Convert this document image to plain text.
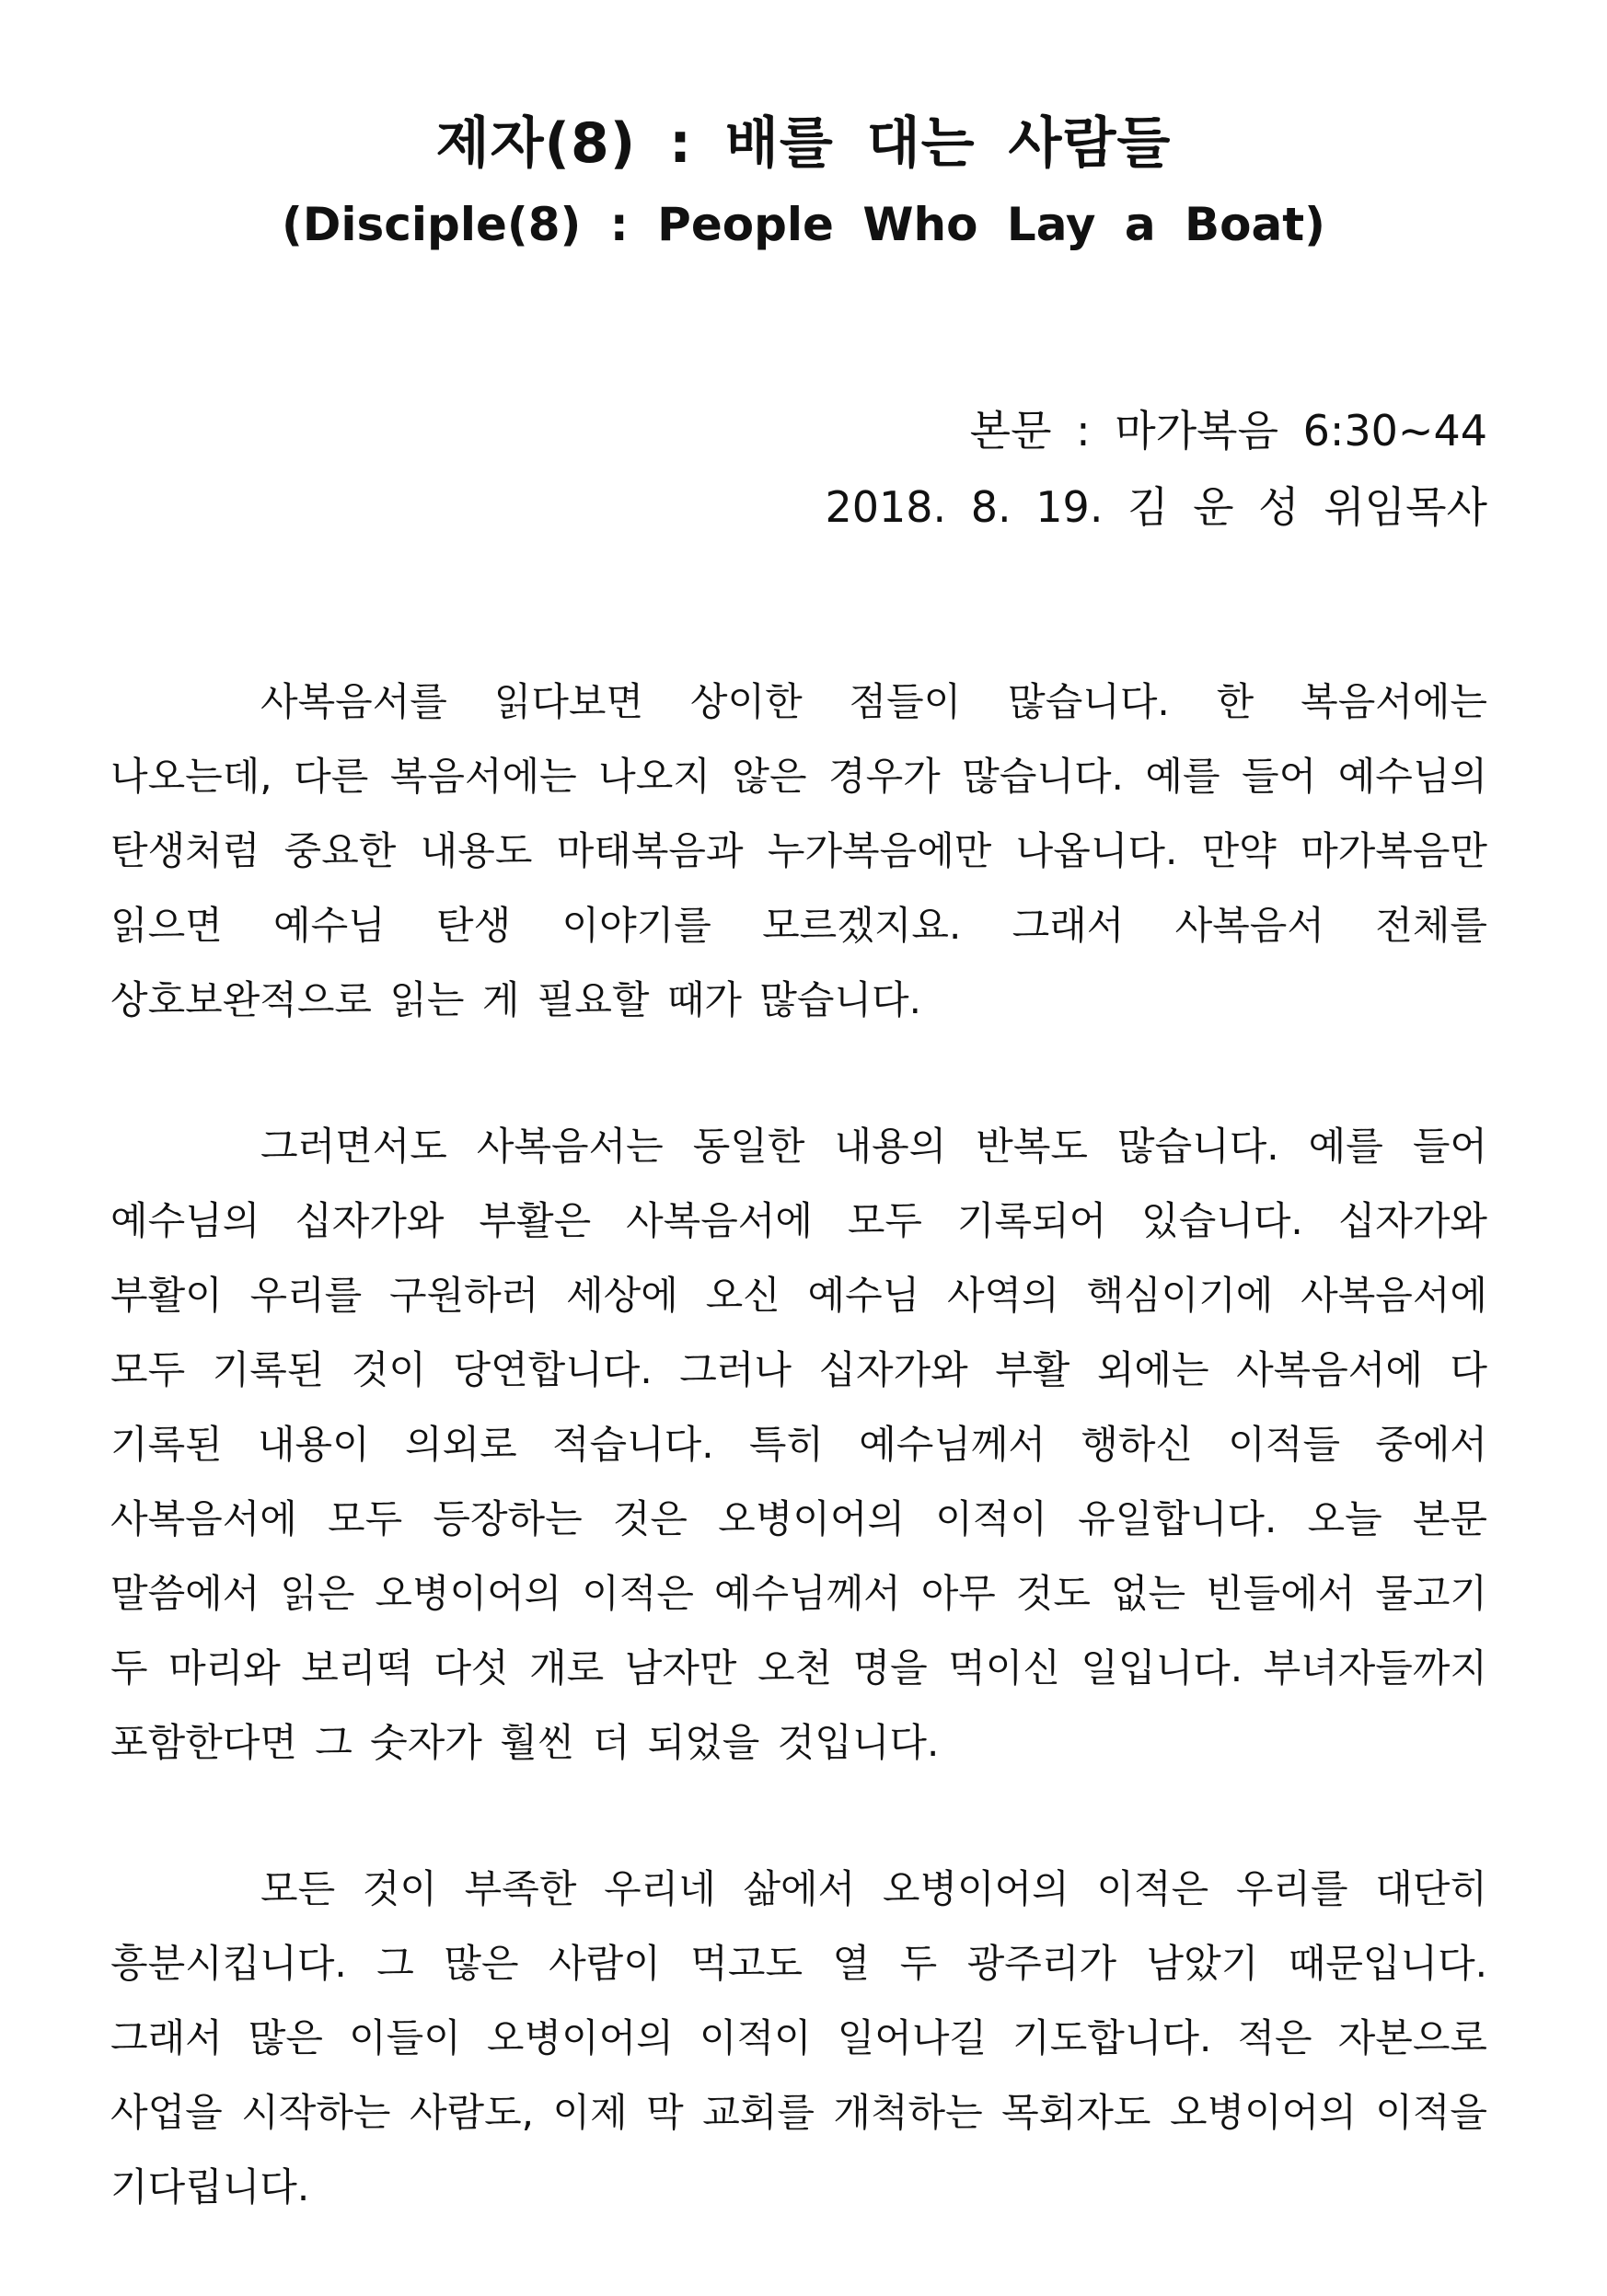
제자(8) : 배를 대는 사람들
(Disciple(8) : People Who Lay a Boat)
본문 : 마가복음 6:30~44
2018. 8. 19. 김 운 성 위임목사

사복음서를 읽다보면 상이한 점들이 많습니다. 한 복음서에는 나오는데, 다른 복음서에는 나오지 않은 경우가 많습니다. 예를 들어 예수님의 탄생처럼 중요한 내용도 마태복음과 누가복음에만 나옵니다. 만약 마가복음만 읽으면 예수님 탄생 이야기를 모르겠지요. 그래서 사복음서 전체를 상호보완적으로 읽는 게 필요할 때가 많습니다.

그러면서도 사복음서는 동일한 내용의 반복도 많습니다. 예를 들어 예수님의 십자가와 부활은 사복음서에 모두 기록되어 있습니다. 십자가와 부활이 우리를 구원하러 세상에 오신 예수님 사역의 핵심이기에 사복음서에 모두 기록된 것이 당연합니다. 그러나 십자가와 부활 외에는 사복음서에 다 기록된 내용이 의외로 적습니다. 특히 예수님께서 행하신 이적들 중에서 사복음서에 모두 등장하는 것은 오병이어의 이적이 유일합니다. 오늘 본문 말씀에서 읽은 오병이어의 이적은 예수님께서 아무 것도 없는 빈들에서 물고기 두 마리와 보리떡 다섯 개로 남자만 오천 명을 먹이신 일입니다. 부녀자들까지 포함한다면 그 숫자가 훨씬 더 되었을 것입니다.

모든 것이 부족한 우리네 삶에서 오병이어의 이적은 우리를 대단히 흥분시킵니다. 그 많은 사람이 먹고도 열 두 광주리가 남았기 때문입니다. 그래서 많은 이들이 오병이어의 이적이 일어나길 기도합니다. 적은 자본으로 사업을 시작하는 사람도, 이제 막 교회를 개척하는 목회자도 오병이어의 이적을 기다립니다.
